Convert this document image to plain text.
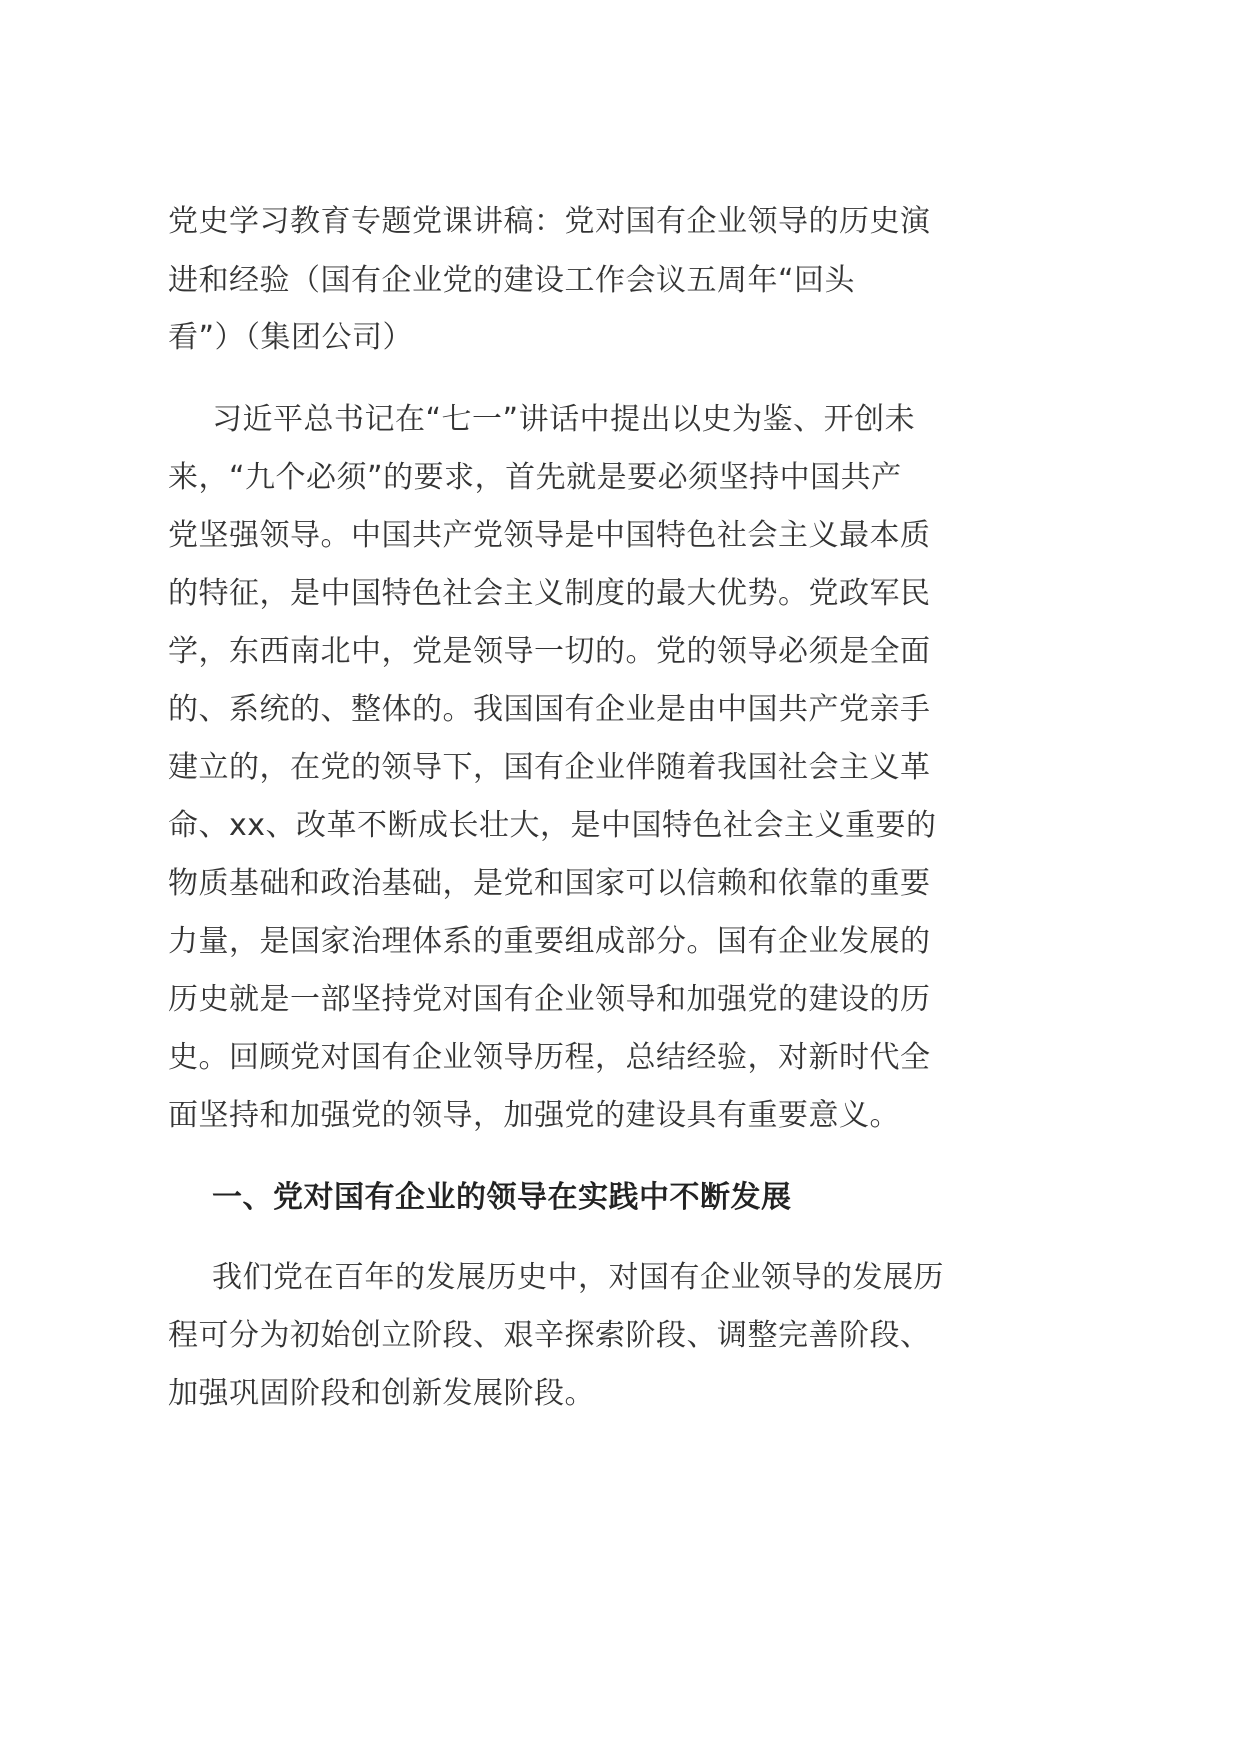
党史学习教育专题党课讲稿：党对国有企业领导的历史演
进和经验（国有企业党的建设工作会议五周年“回头
看”）（集团公司）
习近平总书记在“七一”讲话中提出以史为鉴、开创未
来，“九个必须”的要求，首先就是要必须坚持中国共产
党坚强领导。中国共产党领导是中国特色社会主义最本质
的特征，是中国特色社会主义制度的最大优势。党政军民
学，东西南北中，党是领导一切的。党的领导必须是全面
的、系统的、整体的。我国国有企业是由中国共产党亲手
建立的，在党的领导下，国有企业伴随着我国社会主义革
命、xx、改革不断成长壮大，是中国特色社会主义重要的
物质基础和政治基础，是党和国家可以信赖和依靠的重要
力量，是国家治理体系的重要组成部分。国有企业发展的
历史就是一部坚持党对国有企业领导和加强党的建设的历
史。回顾党对国有企业领导历程，总结经验，对新时代全
面坚持和加强党的领导，加强党的建设具有重要意义。
一、党对国有企业的领导在实践中不断发展
我们党在百年的发展历史中，对国有企业领导的发展历
程可分为初始创立阶段、艰辛探索阶段、调整完善阶段、
加强巩固阶段和创新发展阶段。
